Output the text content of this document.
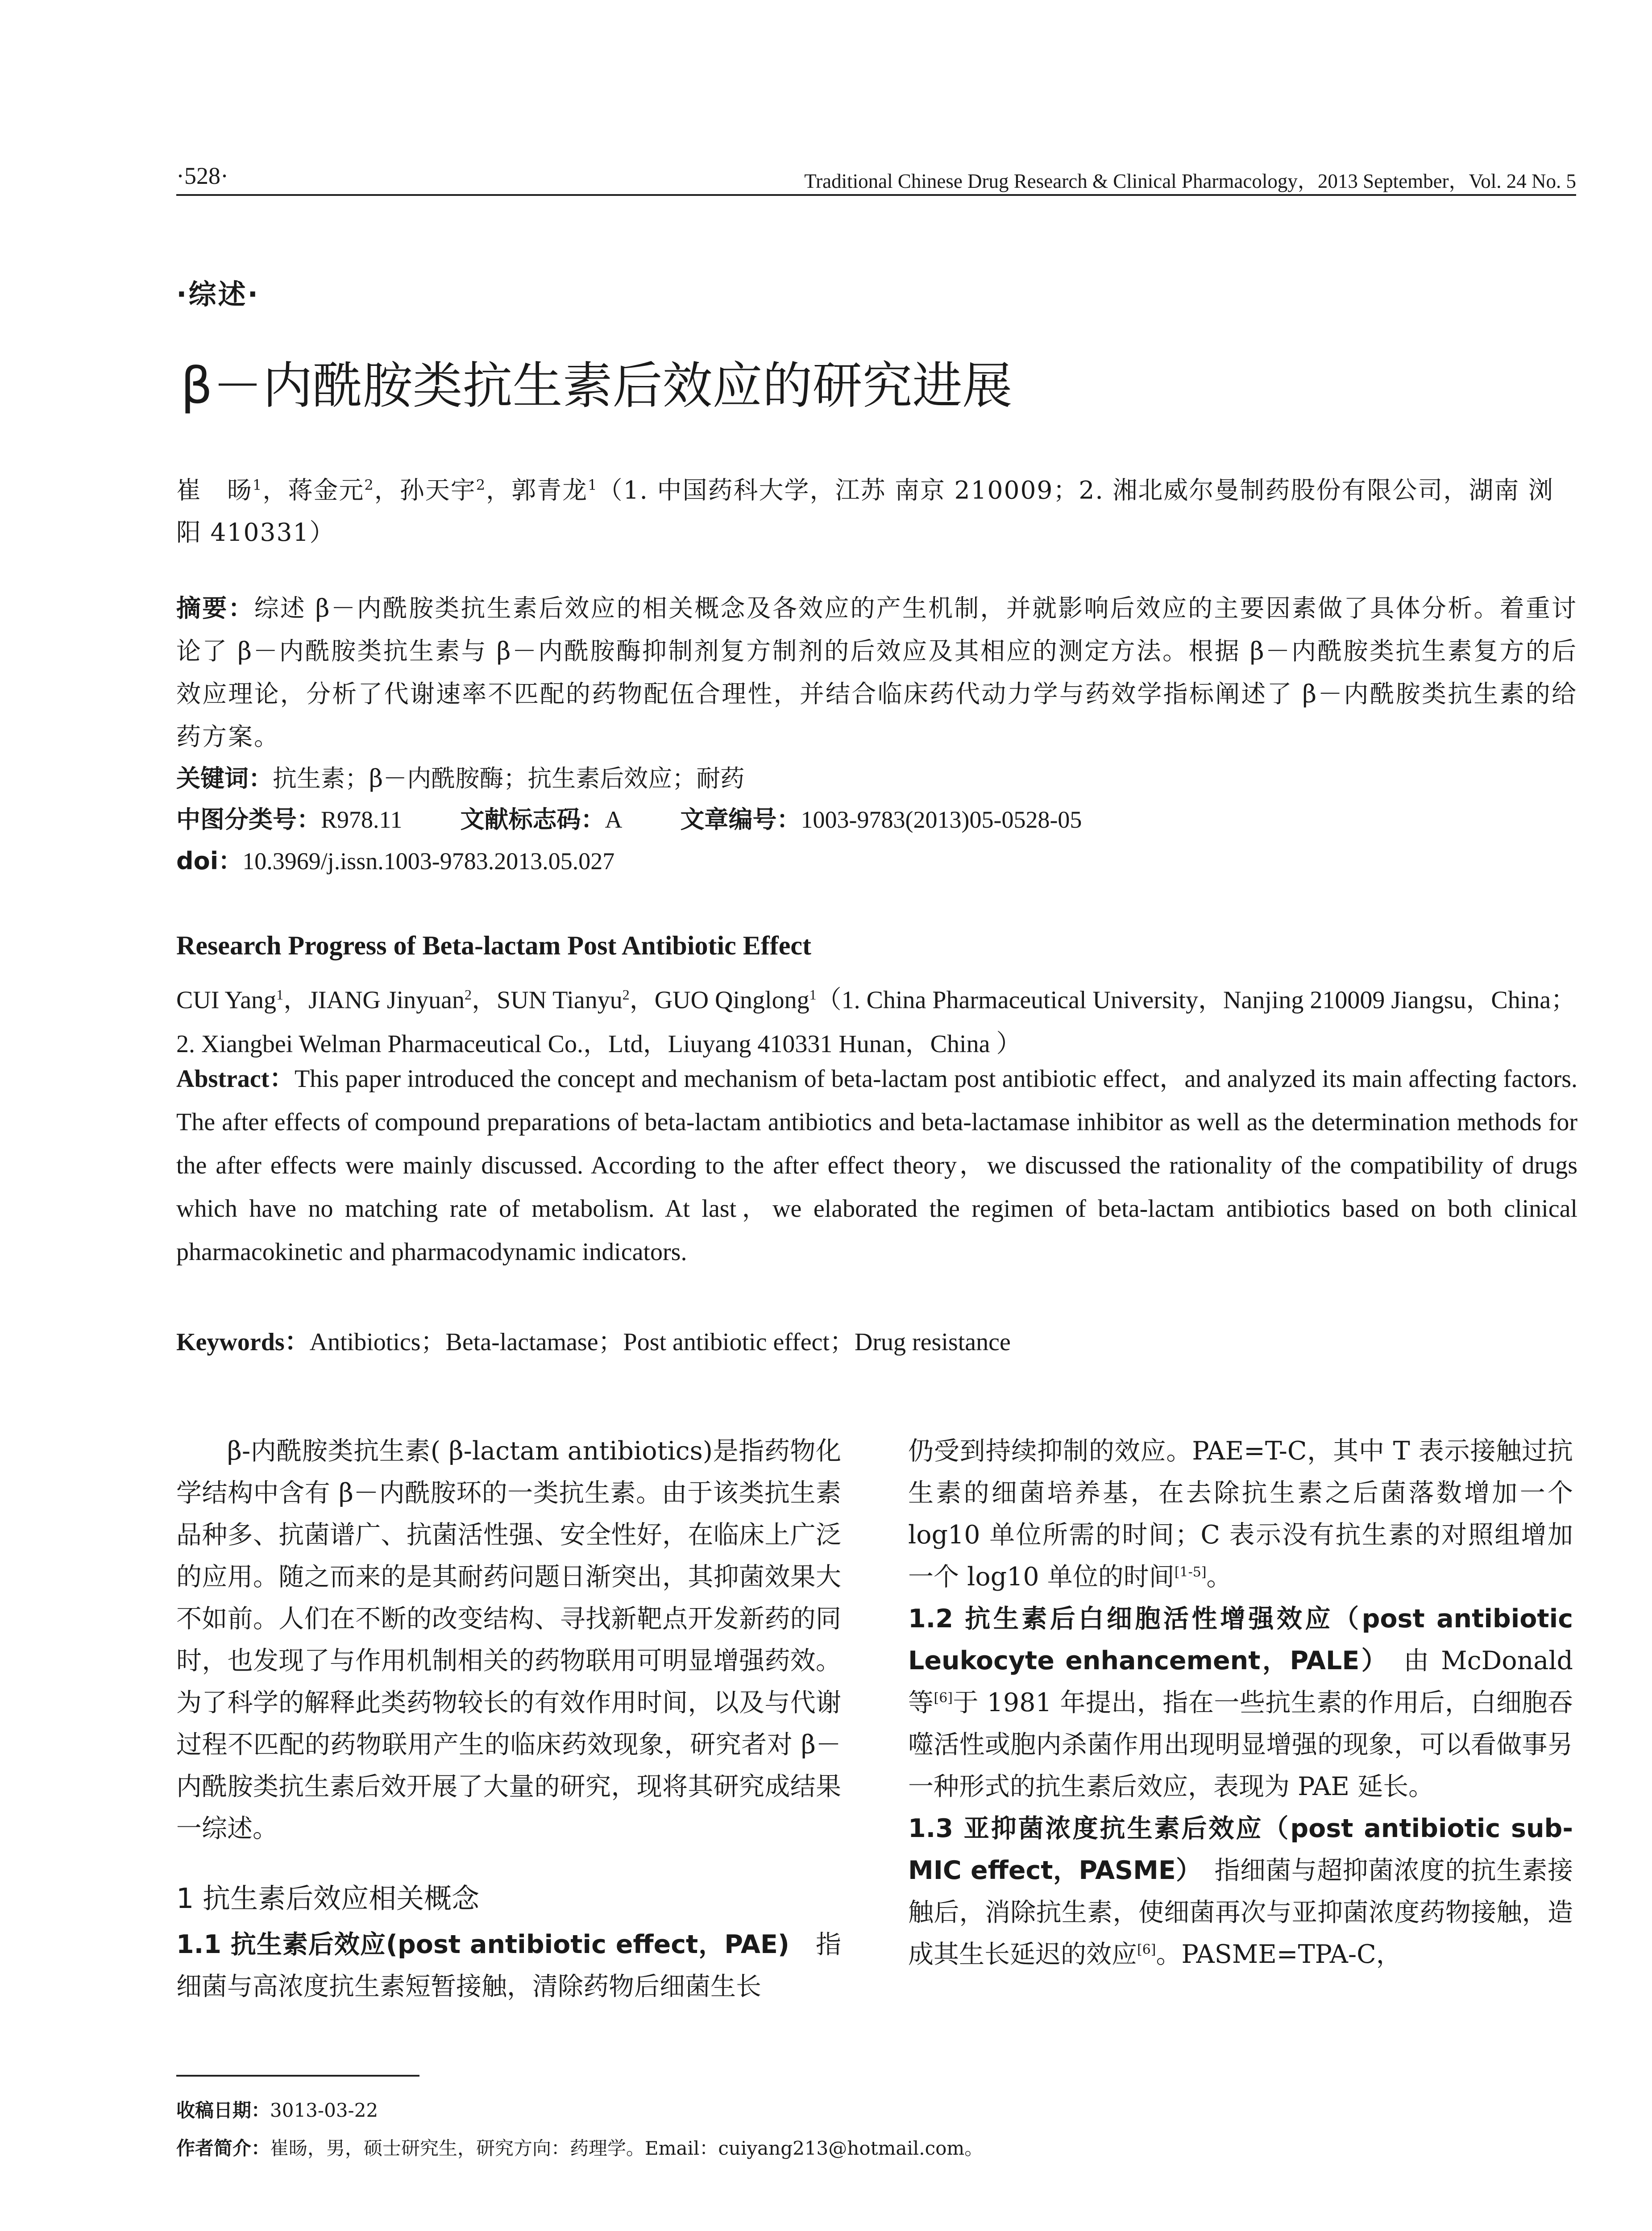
·528·	Traditional Chinese Drug Research & Clinical Pharmacology，2013 September，Vol. 24 No. 5
·综述·
β－内酰胺类抗生素后效应的研究进展
崔　旸$^1$，蒋金元$^2$，孙天宇$^2$，郭青龙$^1$（1. 中国药科大学，江苏 南京 210009；2. 湘北威尔曼制药股份有限公司，湖南 浏阳 410331）
摘要：综述 β－内酰胺类抗生素后效应的相关概念及各效应的产生机制，并就影响后效应的主要因素做了具体分析。着重讨论了 β－内酰胺类抗生素与 β－内酰胺酶抑制剂复方制剂的后效应及其相应的测定方法。根据 β－内酰胺类抗生素复方的后效应理论，分析了代谢速率不匹配的药物配伍合理性，并结合临床药代动力学与药效学指标阐述了 β－内酰胺类抗生素的给药方案。
关键词：抗生素；β－内酰胺酶；抗生素后效应；耐药
中图分类号：R978.11 文献标志码：A 文章编号：1003-9783(2013)05-0528-05
doi：10.3969/j.issn.1003-9783.2013.05.027
Research Progress of Beta-lactam Post Antibiotic Effect
CUI Yang$^1$，JIANG Jinyuan$^2$，SUN Tianyu$^2$，GUO Qinglong$^1$（1. China Pharmaceutical University，Nanjing 210009 Jiangsu，China；2. Xiangbei Welman Pharmaceutical Co.，Ltd，Liuyang 410331 Hunan，China ）
Abstract：This paper introduced the concept and mechanism of beta-lactam post antibiotic effect，and analyzed its main affecting factors. The after effects of compound preparations of beta-lactam antibiotics and beta-lactamase inhibitor as well as the determination methods for the after effects were mainly discussed. According to the after effect theory，we discussed the rationality of the compatibility of drugs which have no matching rate of metabolism. At last，we elaborated the regimen of beta-lactam antibiotics based on both clinical pharmacokinetic and pharmacodynamic indicators.
Keywords：Antibiotics；Beta-lactamase；Post antibiotic effect；Drug resistance

β-内酰胺类抗生素( β-lactam antibiotics)是指药物化学结构中含有 β－内酰胺环的一类抗生素。由于该类抗生素品种多、抗菌谱广、抗菌活性强、安全性好，在临床上广泛的应用。随之而来的是其耐药问题日渐突出，其抑菌效果大不如前。人们在不断的改变结构、寻找新靶点开发新药的同时，也发现了与作用机制相关的药物联用可明显增强药效。为了科学的解释此类药物较长的有效作用时间，以及与代谢过程不匹配的药物联用产生的临床药效现象，研究者对 β－内酰胺类抗生素后效开展了大量的研究，现将其研究成结果一综述。

1 抗生素后效应相关概念

1.1 抗生素后效应(post antibiotic effect，PAE)　指细菌与高浓度抗生素短暂接触，清除药物后细菌生长

仍受到持续抑制的效应。PAE=T-C，其中 T 表示接触过抗生素的细菌培养基，在去除抗生素之后菌落数增加一个 log10 单位所需的时间；C 表示没有抗生素的对照组增加一个 log10 单位的时间[1-5]。

1.2 抗生素后白细胞活性增强效应（post antibiotic Leukocyte enhancement，PALE）　由 McDonald 等[6]于 1981 年提出，指在一些抗生素的作用后，白细胞吞噬活性或胞内杀菌作用出现明显增强的现象，可以看做事另一种形式的抗生素后效应，表现为 PAE 延长。

1.3 亚抑菌浓度抗生素后效应（post antibiotic sub-MIC effect，PASME）　指细菌与超抑菌浓度的抗生素接触后，消除抗生素，使细菌再次与亚抑菌浓度药物接触，造成其生长延迟的效应[6]。PASME=TPA-C，

收稿日期：3013-03-22
作者简介：崔旸，男，硕士研究生，研究方向：药理学。Email：cuiyang213@hotmail.com。
